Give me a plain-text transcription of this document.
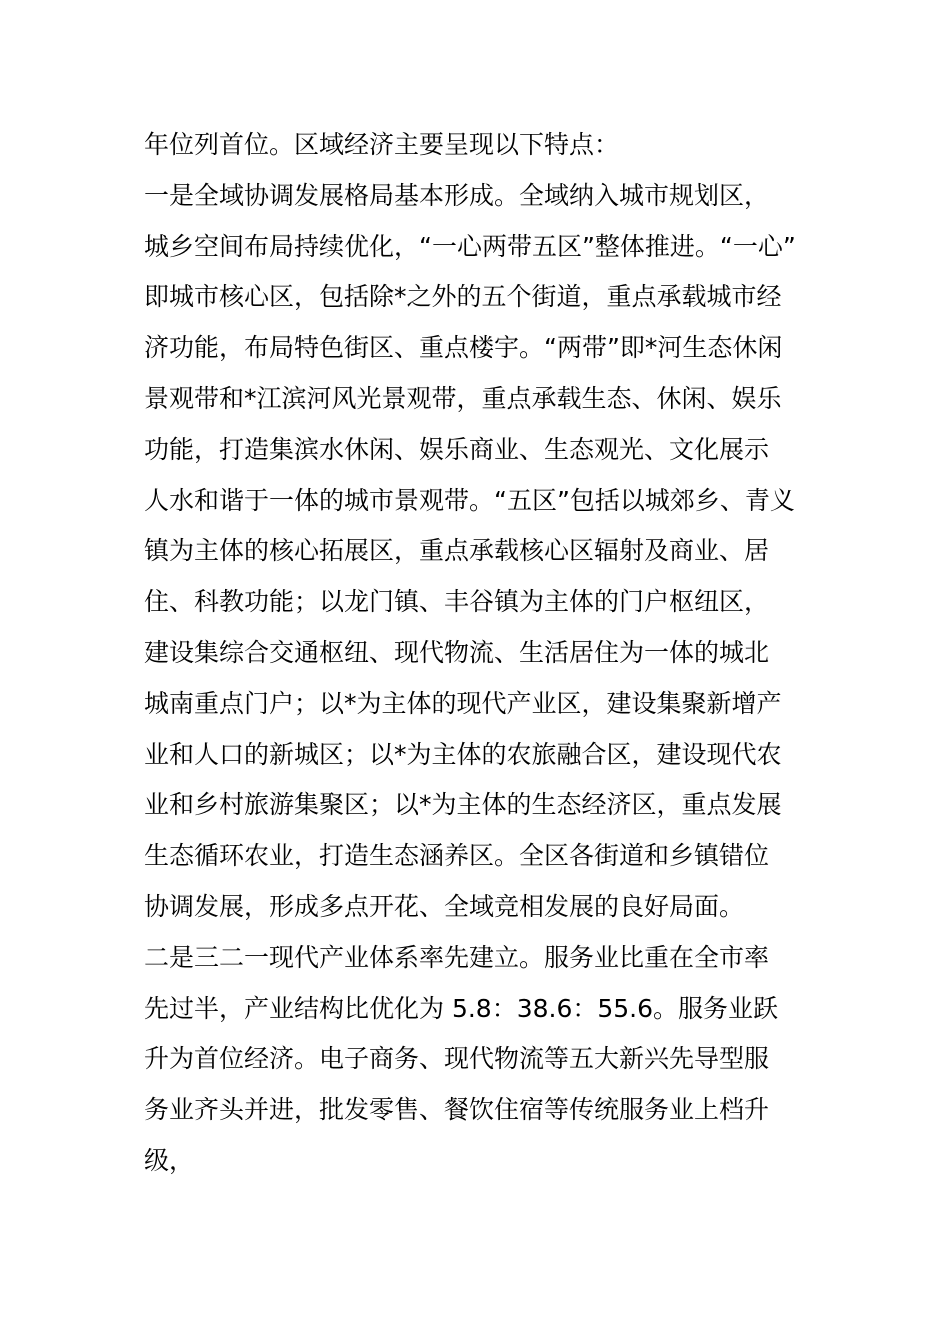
年位列首位。区域经济主要呈现以下特点：
一是全域协调发展格局基本形成。全域纳入城市规划区，
城乡空间布局持续优化，“一心两带五区”整体推进。“一心”
即城市核心区，包括除*之外的五个街道，重点承载城市经
济功能，布局特色街区、重点楼宇。“两带”即*河生态休闲
景观带和*江滨河风光景观带，重点承载生态、休闲、娱乐
功能，打造集滨水休闲、娱乐商业、生态观光、文化展示
人水和谐于一体的城市景观带。“五区”包括以城郊乡、青义
镇为主体的核心拓展区，重点承载核心区辐射及商业、居
住、科教功能；以龙门镇、丰谷镇为主体的门户枢纽区，
建设集综合交通枢纽、现代物流、生活居住为一体的城北
城南重点门户；以*为主体的现代产业区，建设集聚新增产
业和人口的新城区；以*为主体的农旅融合区，建设现代农
业和乡村旅游集聚区；以*为主体的生态经济区，重点发展
生态循环农业，打造生态涵养区。全区各街道和乡镇错位
协调发展，形成多点开花、全域竞相发展的良好局面。
二是三二一现代产业体系率先建立。服务业比重在全市率
先过半，产业结构比优化为 5.8：38.6：55.6。服务业跃
升为首位经济。电子商务、现代物流等五大新兴先导型服
务业齐头并进，批发零售、餐饮住宿等传统服务业上档升
级，
